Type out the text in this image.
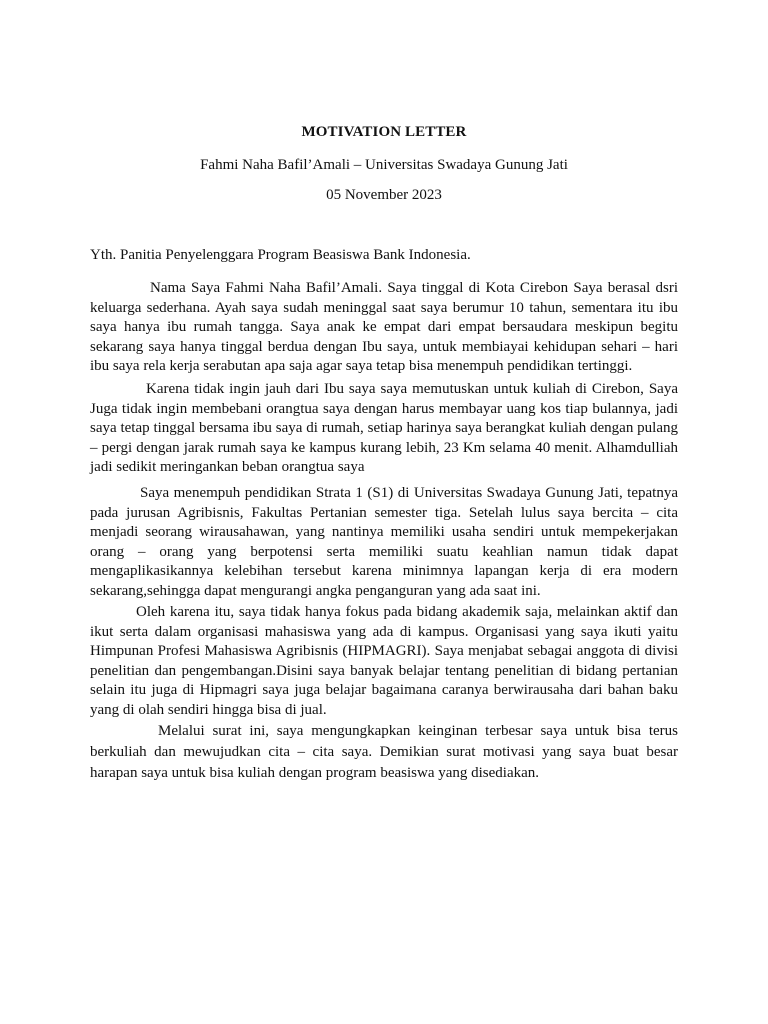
MOTIVATION LETTER
Fahmi Naha Bafil’Amali – Universitas Swadaya Gunung Jati
05 November 2023
Yth. Panitia Penyelenggara Program Beasiswa Bank Indonesia.

Nama Saya Fahmi Naha Bafil’Amali. Saya tinggal di Kota Cirebon Saya berasal dsri keluarga sederhana. Ayah saya sudah meninggal saat saya berumur 10 tahun, sementara itu ibu saya hanya ibu rumah tangga. Saya anak ke empat dari empat bersaudara meskipun begitu sekarang saya hanya tinggal berdua dengan Ibu saya, untuk membiayai kehidupan sehari – hari ibu saya rela kerja serabutan apa saja agar saya tetap bisa menempuh pendidikan tertinggi.

Karena tidak ingin jauh dari Ibu saya saya memutuskan untuk kuliah di Cirebon, Saya Juga tidak ingin membebani orangtua saya dengan harus membayar uang kos tiap bulannya, jadi saya tetap tinggal bersama ibu saya di rumah, setiap harinya saya berangkat kuliah dengan pulang – pergi dengan jarak rumah saya ke kampus kurang lebih, 23 Km selama 40 menit. Alhamdulliah jadi sedikit meringankan beban orangtua saya

Saya menempuh pendidikan Strata 1 (S1) di Universitas Swadaya Gunung Jati, tepatnya pada jurusan Agribisnis, Fakultas Pertanian semester tiga. Setelah lulus saya bercita – cita menjadi seorang wirausahawan, yang nantinya memiliki usaha sendiri untuk mempekerjakan orang – orang yang berpotensi serta memiliki suatu keahlian namun tidak dapat mengaplikasikannya kelebihan tersebut karena minimnya lapangan kerja di era modern sekarang,sehingga dapat mengurangi angka penganguran yang ada saat ini.

Oleh karena itu, saya tidak hanya fokus pada bidang akademik saja, melainkan aktif dan ikut serta dalam organisasi mahasiswa yang ada di kampus. Organisasi yang saya ikuti yaitu Himpunan Profesi Mahasiswa Agribisnis (HIPMAGRI). Saya menjabat sebagai anggota di divisi penelitian dan pengembangan.Disini saya banyak belajar tentang penelitian di bidang pertanian selain itu juga di Hipmagri saya juga belajar bagaimana caranya berwirausaha dari bahan baku yang di olah sendiri hingga bisa di jual.

Melalui surat ini, saya mengungkapkan keinginan terbesar saya untuk bisa terus berkuliah dan mewujudkan cita – cita saya. Demikian surat motivasi yang saya buat besar harapan saya untuk bisa kuliah dengan program beasiswa yang disediakan.
